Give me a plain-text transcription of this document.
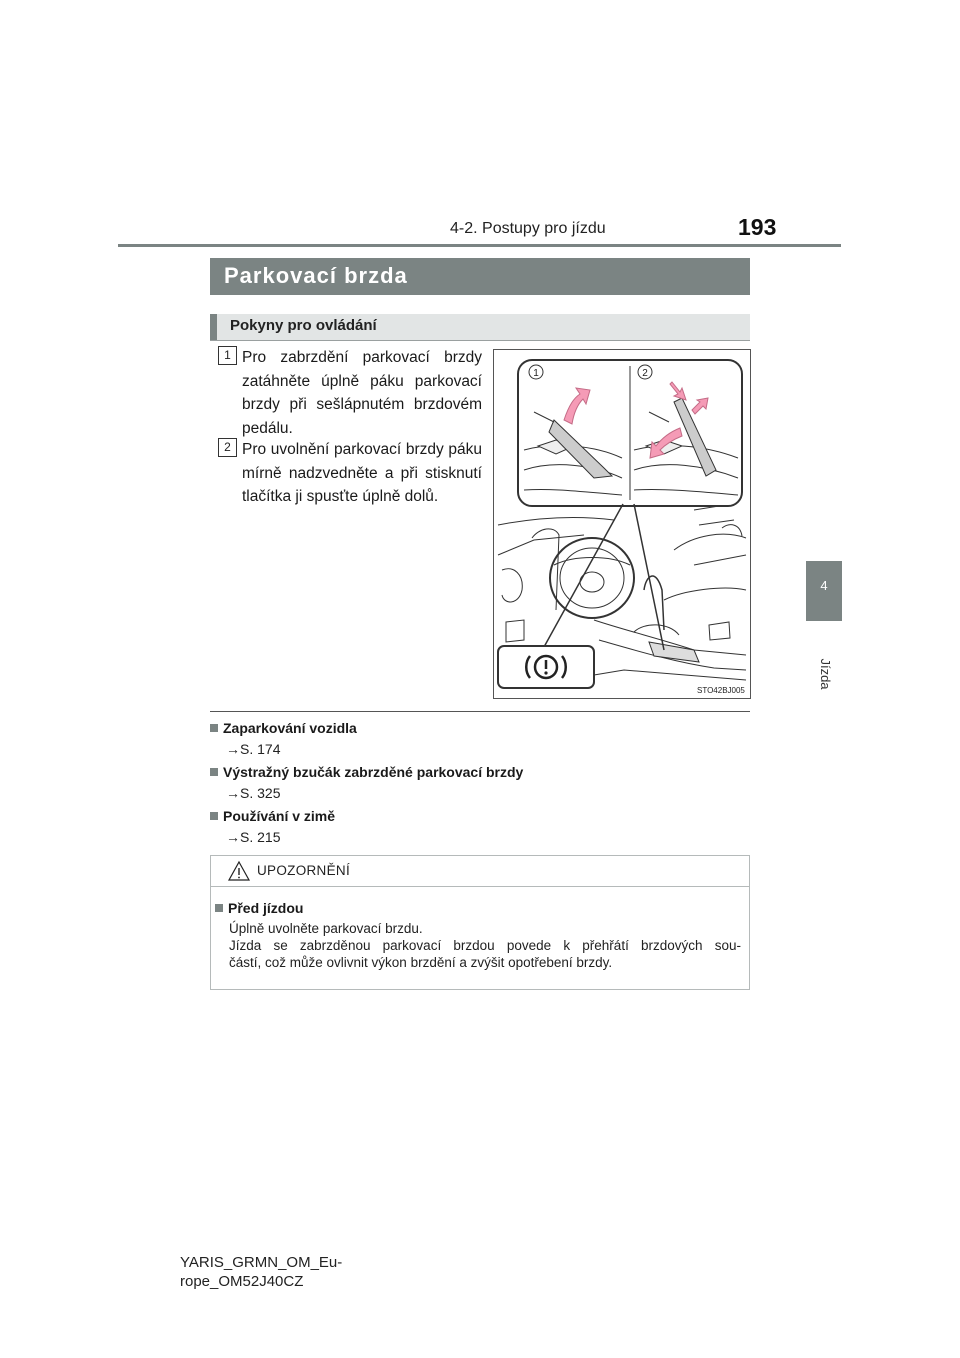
4-2. Postupy pro jízdu	193
4
Jízda
Parkovací brzda
Pokyny pro ovládání
1 Pro zabrzdění parkovací brzdy zatáhněte úplně páku parkovací brzdy při sešlápnutém brzdovém pedálu.
2 Pro uvolnění parkovací brzdy páku mírně nadzvedněte a při stisknutí tlačítka ji spusťte úplně dolů.
1	2
STO42BJ005
Zaparkování vozidla
→S. 174
Výstražný bzučák zabrzděné parkovací brzdy
→S. 325
Používání v zimě
→S. 215
UPOZORNĚNÍ
Před jízdou
Úplně uvolněte parkovací brzdu.
Jízda se zabrzděnou parkovací brzdou povede k přehřátí brzdových sou-
částí, což může ovlivnit výkon brzdění a zvýšit opotřebení brzdy.
YARIS_GRMN_OM_Eu-
rope_OM52J40CZ
